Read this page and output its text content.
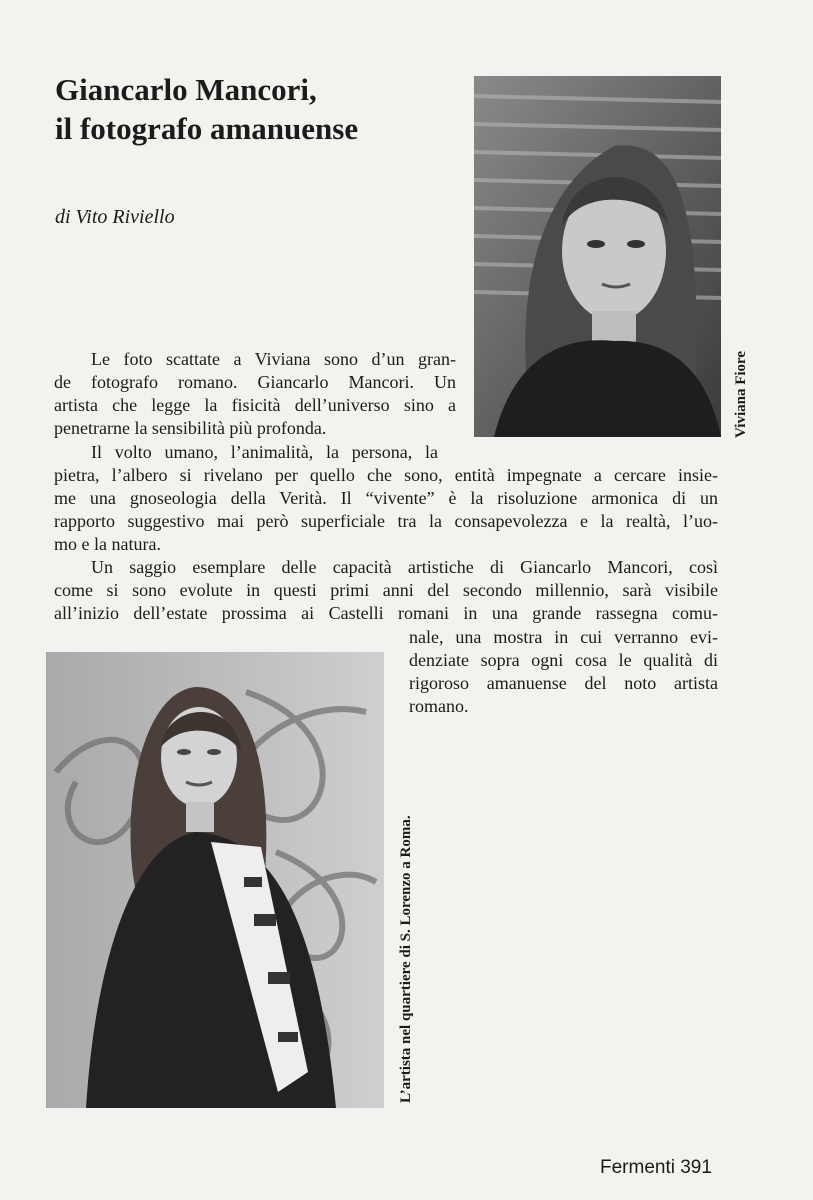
Giancarlo Mancori,
il fotografo amanuense
di Vito Riviello
Viviana Fiore
Le foto scattate a Viviana sono d’un gran-
de fotografo romano. Giancarlo Mancori. Un
artista che legge la fisicità dell’universo sino a
penetrarne la sensibilità più profonda.
Il volto umano, l’animalità, la persona, la
pietra, l’albero si rivelano per quello che sono, entità impegnate a cercare insie-
me una gnoseologia della Verità. Il “vivente” è la risoluzione armonica di un
rapporto suggestivo mai però superficiale tra la consapevolezza e la realtà, l’uo-
mo e la natura.
Un saggio esemplare delle capacità artistiche di Giancarlo Mancori, così
come si sono evolute in questi primi anni del secondo millennio, sarà visibile
all’inizio dell’estate prossima ai Castelli romani in una grande rassegna comu-
nale, una mostra in cui verranno evi-
denziate sopra ogni cosa le qualità di
rigoroso amanuense del noto artista
romano.
L’artista nel quartiere di S. Lorenzo a Roma.
Fermenti 391
